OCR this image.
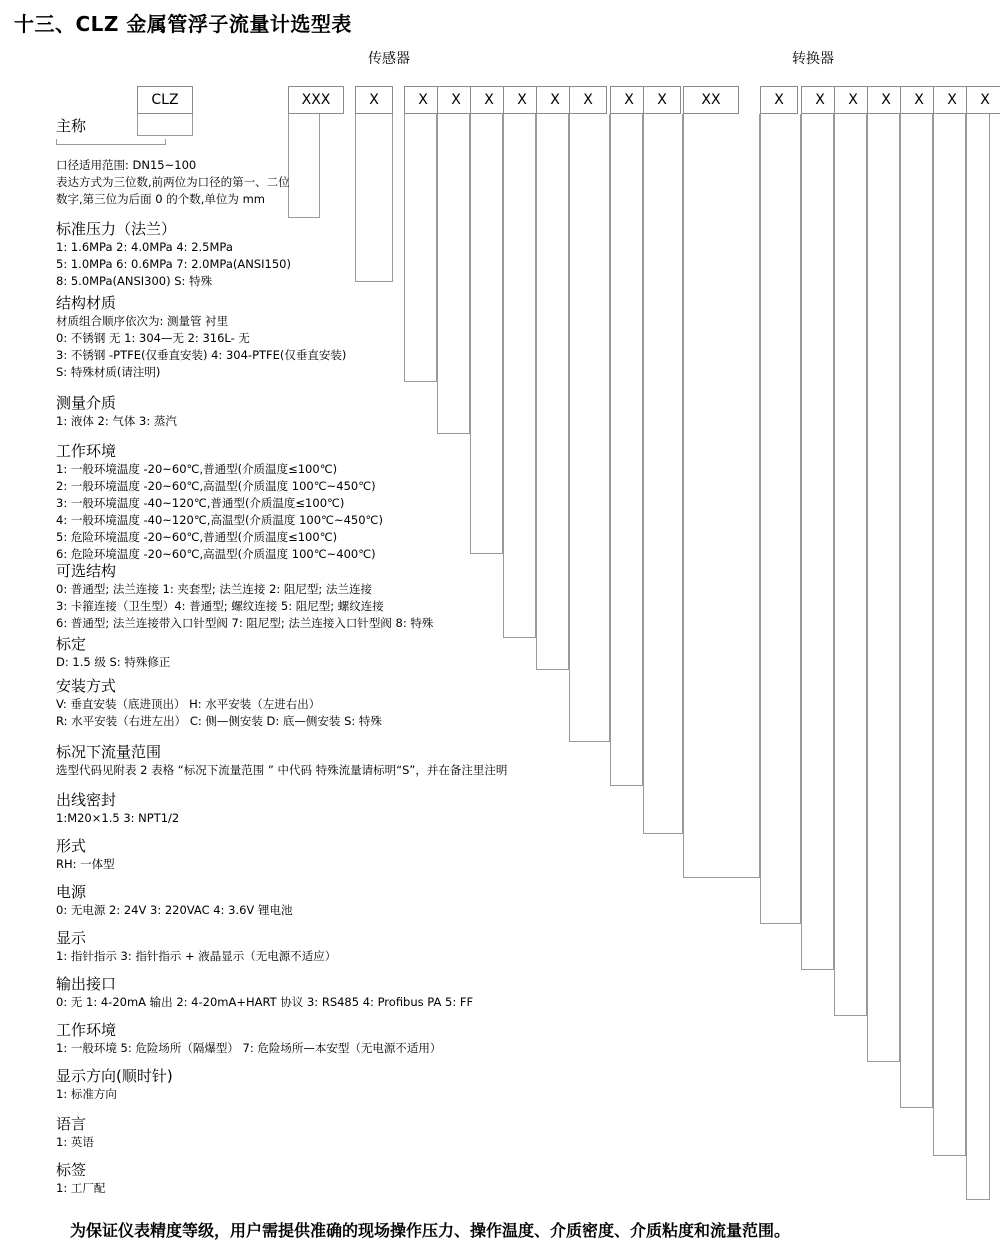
十三、CLZ 金属管浮子流量计选型表
传感器	转换器
CLZ	XXX	X	X	X	X	X	X	X	X	X	XX	X	X	X	X	X	X	X
主称
口径适用范围: DN15~100
表达方式为三位数,前两位为口径的第一、二位
数字,第三位为后面 0 的个数,单位为 mm
标准压力（法兰）
1: 1.6MPa 2: 4.0MPa 4: 2.5MPa
5: 1.0MPa 6: 0.6MPa 7: 2.0MPa(ANSI150)
8: 5.0MPa(ANSI300) S: 特殊
结构材质
材质组合顺序依次为: 测量管 衬里
0: 不锈钢 无 1: 304—无 2: 316L- 无
3: 不锈钢 -PTFE(仅垂直安装) 4: 304-PTFE(仅垂直安装)
S: 特殊材质(请注明)
测量介质
1: 液体 2: 气体 3: 蒸汽
工作环境
1: 一般环境温度 -20~60℃,普通型(介质温度≤100℃)
2: 一般环境温度 -20~60℃,高温型(介质温度 100℃~450℃)
3: 一般环境温度 -40~120℃,普通型(介质温度≤100℃)
4: 一般环境温度 -40~120℃,高温型(介质温度 100℃~450℃)
5: 危险环境温度 -20~60℃,普通型(介质温度≤100℃)
6: 危险环境温度 -20~60℃,高温型(介质温度 100℃~400℃)
可选结构
0: 普通型; 法兰连接 1: 夹套型; 法兰连接 2: 阻尼型; 法兰连接
3: 卡箍连接（卫生型）4: 普通型; 螺纹连接 5: 阻尼型; 螺纹连接
6: 普通型; 法兰连接带入口针型阀 7: 阻尼型; 法兰连接入口针型阀 8: 特殊
标定
D: 1.5 级 S: 特殊修正
安装方式
V: 垂直安装（底进顶出） H: 水平安装（左进右出）
R: 水平安装（右进左出） C: 侧—侧安装 D: 底—侧安装 S: 特殊
标况下流量范围
选型代码见附表 2 表格 “标况下流量范围 ” 中代码 特殊流量请标明“S”，并在备注里注明
出线密封
1:M20×1.5 3: NPT1/2
形式
RH: 一体型
电源
0: 无电源 2: 24V 3: 220VAC 4: 3.6V 锂电池
显示
1: 指针指示 3: 指针指示 + 液晶显示（无电源不适应）
输出接口
0: 无 1: 4-20mA 输出 2: 4-20mA+HART 协议 3: RS485 4: Profibus PA 5: FF
工作环境
1: 一般环境 5: 危险场所（隔爆型） 7: 危险场所—本安型（无电源不适用）
显示方向(顺时针)
1: 标准方向
语言
1: 英语
标签
1: 工厂配
为保证仪表精度等级，用户需提供准确的现场操作压力、操作温度、介质密度、介质粘度和流量范围。
